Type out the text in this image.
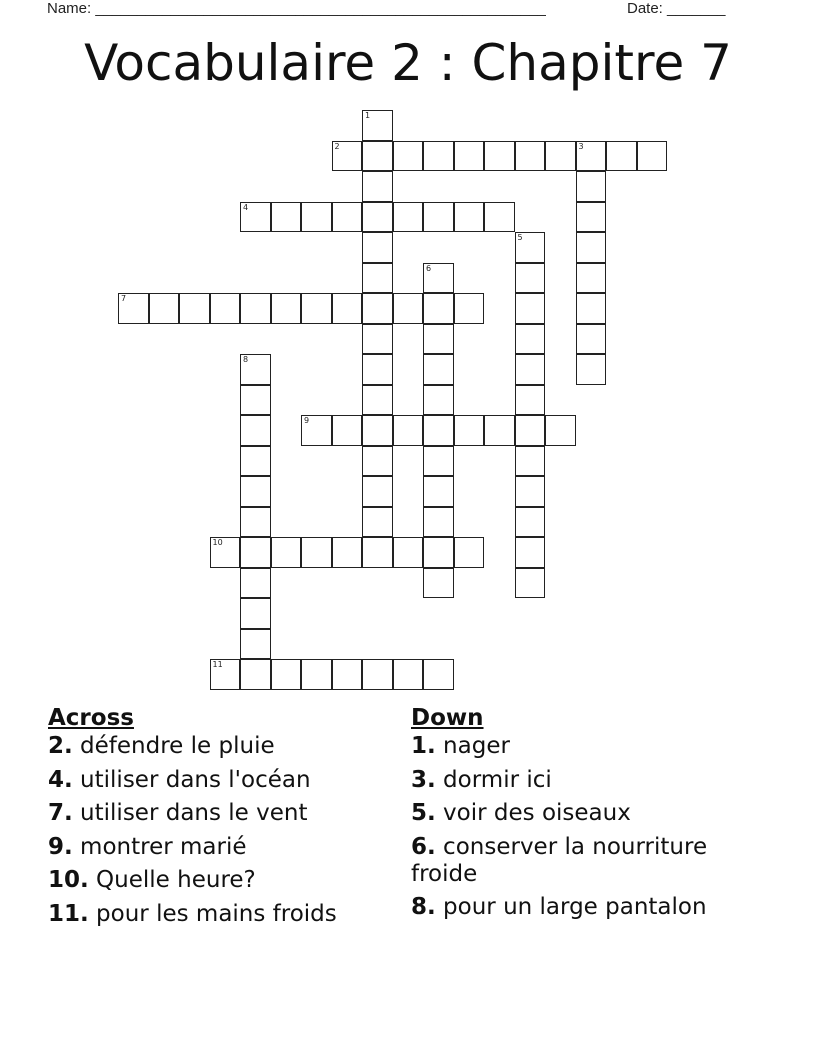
Name: ______________________________________________________	Date: _______
Vocabulaire 2 : Chapitre 7
1
2	3
4
5
6
7
8
9
10
11

Across

2. défendre le pluie

4. utiliser dans l'océan

7. utiliser dans le vent

9. montrer marié

10. Quelle heure?

11. pour les mains froids

Down

1. nager

3. dormir ici

5. voir des oiseaux

6. conserver la nourriture froide

8. pour un large pantalon
